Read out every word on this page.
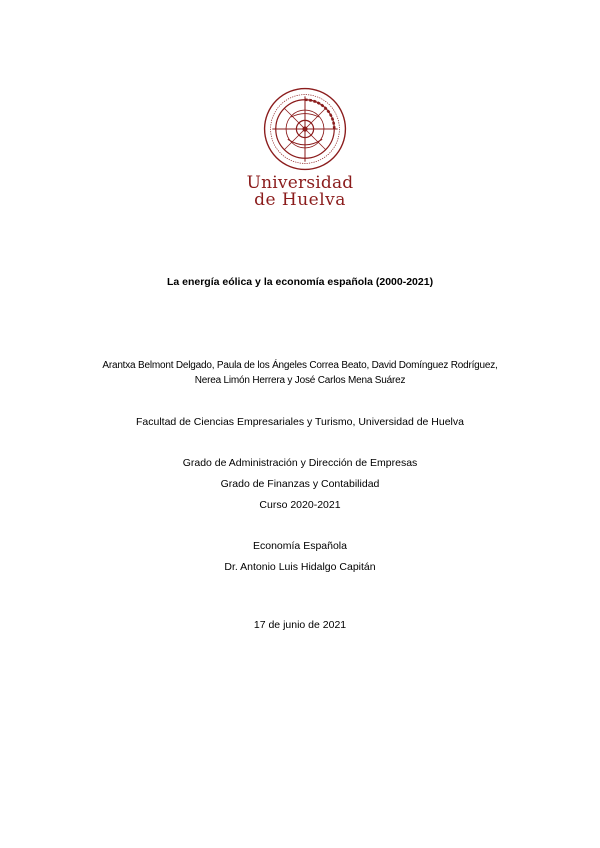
Universidad
de Huelva
La energía eólica y la economía española (2000-2021)
Arantxa Belmont Delgado, Paula de los Ángeles Correa Beato, David Domínguez Rodríguez,
Nerea Limón Herrera y José Carlos Mena Suárez
Facultad de Ciencias Empresariales y Turismo, Universidad de Huelva
Grado de Administración y Dirección de Empresas
Grado de Finanzas y Contabilidad
Curso 2020-2021
Economía Española
Dr. Antonio Luis Hidalgo Capitán
17 de junio de 2021
